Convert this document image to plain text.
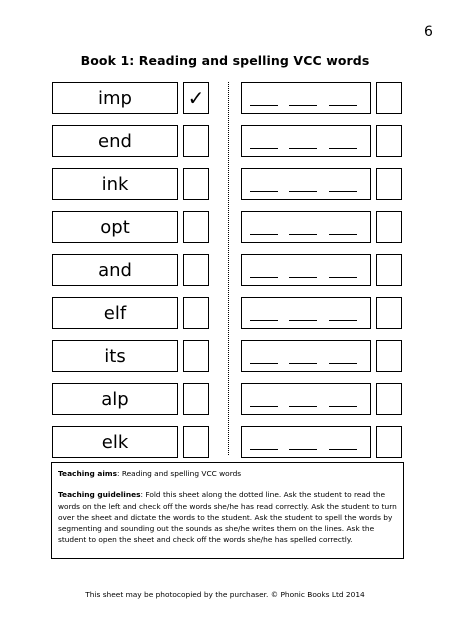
6
Book 1: Reading and spelling VCC words
imp	✓
end
ink
opt
and
elf
its
alp
elk

Teaching aims: Reading and spelling VCC words

Teaching guidelines: Fold this sheet along the dotted line. Ask the student to read the words on the left and check off the words she/he has read correctly. Ask the student to turn over the sheet and dictate the words to the student. Ask the student to spell the words by segmenting and sounding out the sounds as she/he writes them on the lines. Ask the student to open the sheet and check off the words she/he has spelled correctly.

This sheet may be photocopied by the purchaser. © Phonic Books Ltd 2014
